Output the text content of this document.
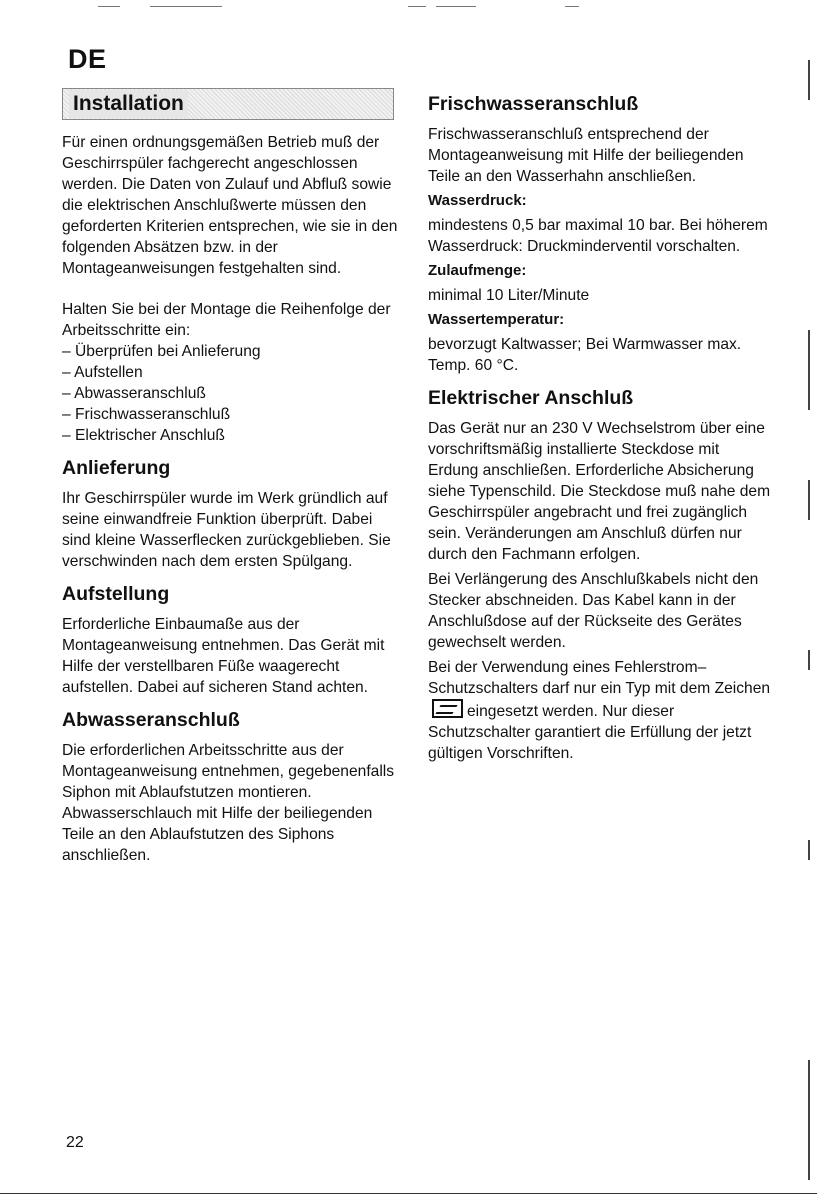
DE
Installation

Für einen ordnungsgemäßen Betrieb muß der Geschirrspüler fachgerecht angeschlossen werden. Die Daten von Zulauf und Abfluß sowie die elektrischen Anschlußwerte müssen den geforderten Kriterien entsprechen, wie sie in den folgenden Absätzen bzw. in der Montageanweisungen festgehalten sind.

Halten Sie bei der Montage die Reihenfolge der Arbeitsschritte ein:

– Überprüfen bei Anlieferung
– Aufstellen
– Abwasseranschluß
– Frischwasseranschluß
– Elektrischer Anschluß
Anlieferung

Ihr Geschirrspüler wurde im Werk gründlich auf seine einwandfreie Funktion überprüft. Dabei sind kleine Wasserflecken zurückgeblieben. Sie verschwinden nach dem ersten Spülgang.

Aufstellung

Erforderliche Einbaumaße aus der Montageanweisung entnehmen. Das Gerät mit Hilfe der verstellbaren Füße waagerecht aufstellen. Dabei auf sicheren Stand achten.

Abwasseranschluß

Die erforderlichen Arbeitsschritte aus der Montageanweisung entnehmen, gegebenenfalls Siphon mit Ablaufstutzen montieren. Abwasserschlauch mit Hilfe der beiliegenden Teile an den Ablaufstutzen des Siphons anschließen.

Frischwasseranschluß

Frischwasseranschluß entsprechend der Montageanweisung mit Hilfe der beiliegenden Teile an den Wasserhahn anschließen.

Wasserdruck:

mindestens 0,5 bar maximal 10 bar. Bei höherem Wasserdruck: Druckminderventil vorschalten.

Zulaufmenge:

minimal 10 Liter/Minute

Wassertemperatur:

bevorzugt Kaltwasser; Bei Warmwasser max. Temp. 60 °C.

Elektrischer Anschluß

Das Gerät nur an 230 V Wechselstrom über eine vorschriftsmäßig installierte Steckdose mit Erdung anschließen. Erforderliche Absicherung siehe Typenschild. Die Steckdose muß nahe dem Geschirrspüler angebracht und frei zugänglich sein. Veränderungen am Anschluß dürfen nur durch den Fachmann erfolgen.

Bei Verlängerung des Anschlußkabels nicht den Stecker abschneiden. Das Kabel kann in der Anschlußdose auf der Rückseite des Gerätes gewechselt werden.

Bei der Verwendung eines Fehlerstrom–Schutzschalters darf nur ein Typ mit dem Zeicheneingesetzt werden. Nur dieser Schutzschalter garantiert die Erfüllung der jetzt gültigen Vorschriften.

22
